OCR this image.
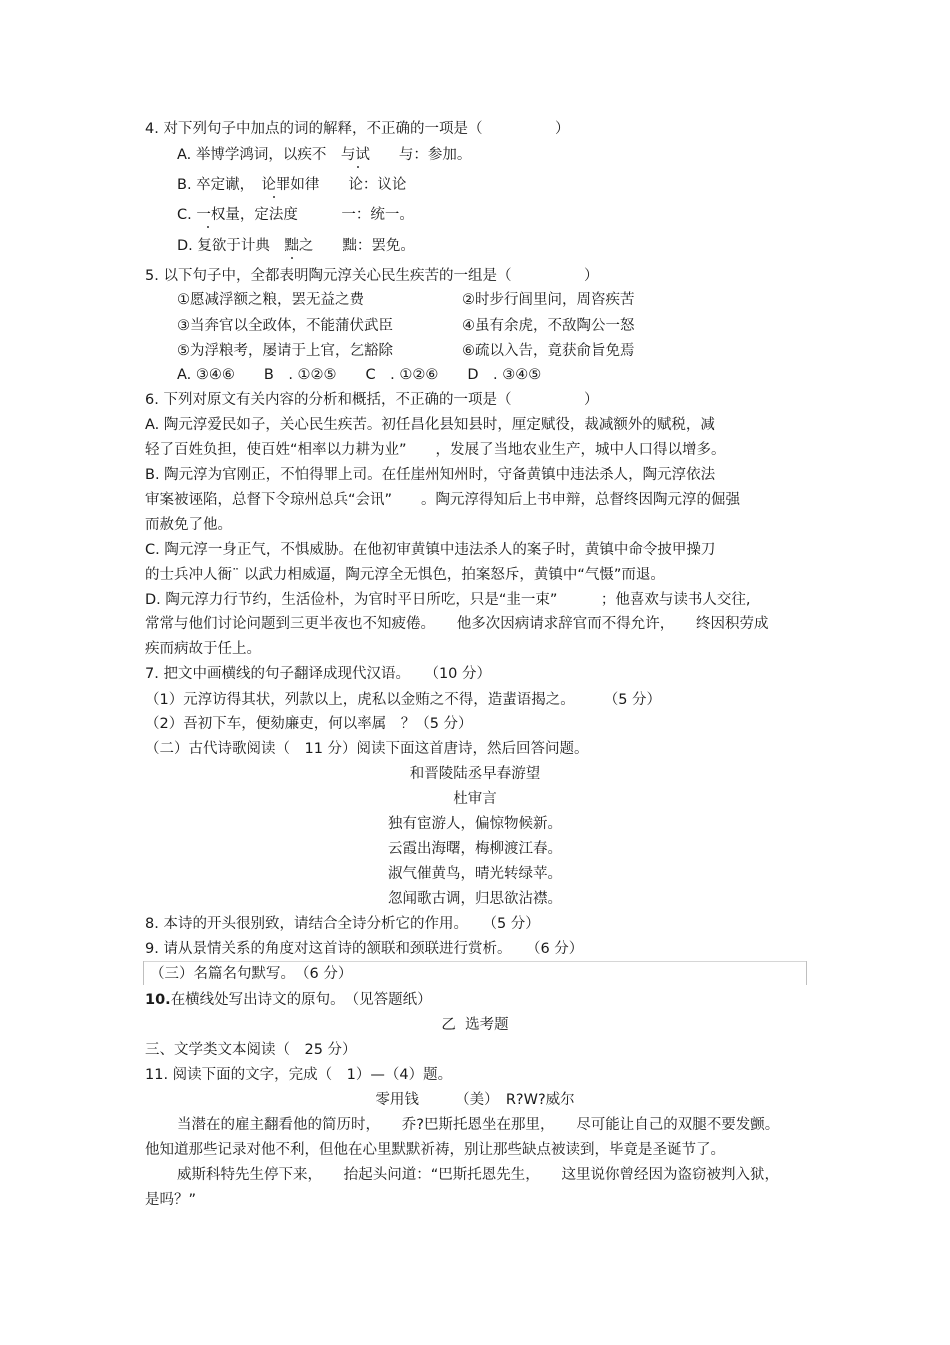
4. 对下列句子中加点的词的解释，不正确的一项是（　　　　　）
A. 举博学鸿词，以疾不　与试　　与：参加。
B. 卒定谳，　论罪如律　　论：议论
C. 一权量，定法度　　　一：统一。
D. 复欲于计典　黜之　　黜：罢免。
5. 以下句子中，全都表明陶元淳关心民生疾苦的一组是（　　　　　）
①愿减浮额之粮，罢无益之费	②时步行闾里问，周咨疾苦
③当奔官以全政体，不能蒲伏武臣	④虽有余虎，不敌陶公一怒
⑤为浮粮考，屡请于上官，乞豁除	⑥疏以入告，竟获俞旨免焉
A. ③④⑥　　B　. ①②⑤　　C　. ①②⑥　　D　. ③④⑤
6. 下列对原文有关内容的分析和概括，不正确的一项是（　　　　　）
A. 陶元淳爱民如子，关心民生疾苦。初任昌化县知县时，厘定赋役，裁减额外的赋税，减
轻了百姓负担，使百姓“相率以力耕为业”　　，发展了当地农业生产，城中人口得以增多。
B. 陶元淳为官刚正，不怕得罪上司。在任崖州知州时，守备黄镇中违法杀人，陶元淳依法
审案被诬陷，总督下令琼州总兵“会讯”　　。陶元淳得知后上书申辩，总督终因陶元淳的倔强
而赦免了他。
C. 陶元淳一身正气，不惧威胁。在他初审黄镇中违法杀人的案子时，黄镇中命令披甲操刀
的士兵冲人衙¨ 以武力相威逼，陶元淳全无惧色，拍案怒斥，黄镇中“气慑”而退。
D. 陶元淳力行节约，生活俭朴，为官时平日所吃，只是“韭一束”　　　；他喜欢与读书人交往,
常常与他们讨论问题到三更半夜也不知疲倦。　　他多次因病请求辞官而不得允许，　　终因积劳成
疾而病故于任上。
7. 把文中画横线的句子翻译成现代汉语。　　（10 分）
（1）元淳访得其状，列款以上，虎私以金贿之不得，造蜚语揭之。　　　（5 分）
（2）吾初下车，便劾廉吏，何以率属　？（5 分）
（二）古代诗歌阅读（　11 分）阅读下面这首唐诗，然后回答问题。
和晋陵陆丞早春游望
杜审言
独有宦游人，偏惊物候新。
云霞出海曙，梅柳渡江春。
淑气催黄鸟，晴光转绿苹。
忽闻歌古调，归思欲沾襟。
8. 本诗的开头很别致，请结合全诗分析它的作用。　　（5 分）
9. 请从景情关系的角度对这首诗的颔联和颈联进行赏析。　　（6 分）
（三）名篇名句默写。　（6 分）
10.在横线处写出诗文的原句。　（见答题纸）
乙  选考题
三、文学类文本阅读（　25 分）
11. 阅读下面的文字，完成（　1）—（4）题。
零用钱　　　（美）　R?W?威尔
当潜在的雇主翻看他的简历时，　　乔?巴斯托恩坐在那里，　　尽可能让自己的双腿不要发颤。
他知道那些记录对他不利，但他在心里默默祈祷，别让那些缺点被读到，毕竟是圣诞节了。
威斯科特先生停下来，　　抬起头问道：“巴斯托恩先生，　　这里说你曾经因为盗窃被判入狱，
是吗？”
